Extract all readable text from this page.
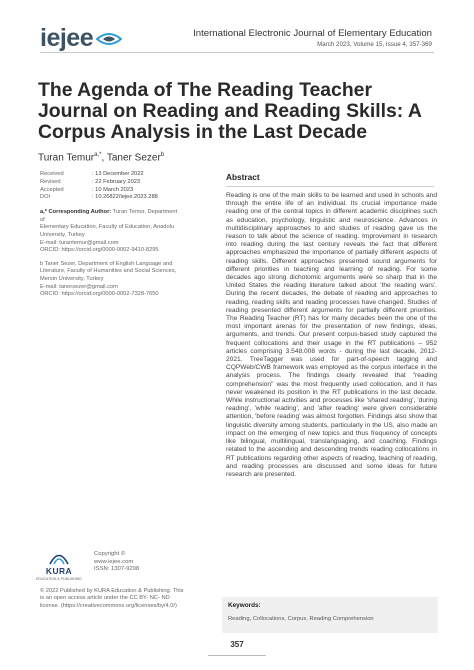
iejee	International Electronic Journal of Elementary Education
March 2023, Volume 15, Issue 4, 357-369
The Agenda of The Reading Teacher Journal on Reading and Reading Skills: A Corpus Analysis in the Last Decade
Turan Temur$^{a,*}$, Taner Sezer$^b$
Received	: 13 December 2022
Revised	: 22 February 2023
Accepted	: 10 March 2023
DOI	: 10.26822/iejee.2023.288
a,* Corresponding Author: Turan Temur, Department of
Elementary Education, Faculty of Education, Anadolu
University, Turkey
E-mail: turantemur@gmail.com
ORCID: https://orcid.org/0000-0002-9410-8295
b Taner Sezer, Department of English Language and
Literature, Faculty of Humanities and Social Sciences,
Mersin University, Turkey
E-mail: tanersezer@gmail.com
ORCID: https://orcid.org/0000-0002-7328-7650
KURA
EDUCATION & PUBLISHING
Copyright ©
www.iejee.com
ISSN: 1307-9298
© 2022 Published by KURA Education & Publishing. This is an open access article under the CC BY- NC- ND license. (https://creativecommons.org/licenses/by/4.0/)
Abstract

Reading is one of the main skills to be learned and used in schools and through the entire life of an individual. Its crucial importance made reading one of the central topics in different academic disciplines such as education, psychology, linguistic and neuroscience. Advances in multidisciplinary approaches to and studies of reading gave us the reason to talk about the science of reading. Improvement in research into reading during the last century reveals the fact that different approaches emphasized the importance of partially different aspects of reading skills. Different approaches presented sound arguments for different priorities in teaching and learning of reading. For some decades ago strong dichotomic arguments were so sharp that in the United States the reading literature talked about 'the reading wars'. During the recent decades, the debate of reading and approaches to reading, reading skills and reading processes have changed. Studies of reading presented different arguments for partially different priorities. The Reading Teacher (RT) has for many decades been the one of the most important arenas for the presentation of new findings, ideas, arguments, and trends. Our present corpus-based study captured the frequent collocations and their usage in the RT publications – 952 articles comprising 3.548.008 words - during the last decade, 2012-2021. TreeTagger was used for part-of-speech tagging and CQPWeb/CWB framework was employed as the corpus interface in the analysis process. The findings clearly revealed that "reading comprehension" was the most frequently used collocation, and it has never weakened its position in the RT publications in the last decade. While instructional activities and processes like 'shared reading', 'during reading', 'while reading', and 'after reading' were given considerable attention, 'before reading' was almost forgotten. Findings also show that linguistic diversity among students, particularly in the US, also made an impact on the emerging of new topics and thus frequency of concepts like bilingual, multilingual, translanguaging, and coaching. Findings related to the ascending and descending trends reading collocations in RT publications regarding other aspects of reading, teaching of reading, and reading processes are discussed and some ideas for future research are presented.

Keywords:
Reading, Collocations, Corpus, Reading Comprehension
357
